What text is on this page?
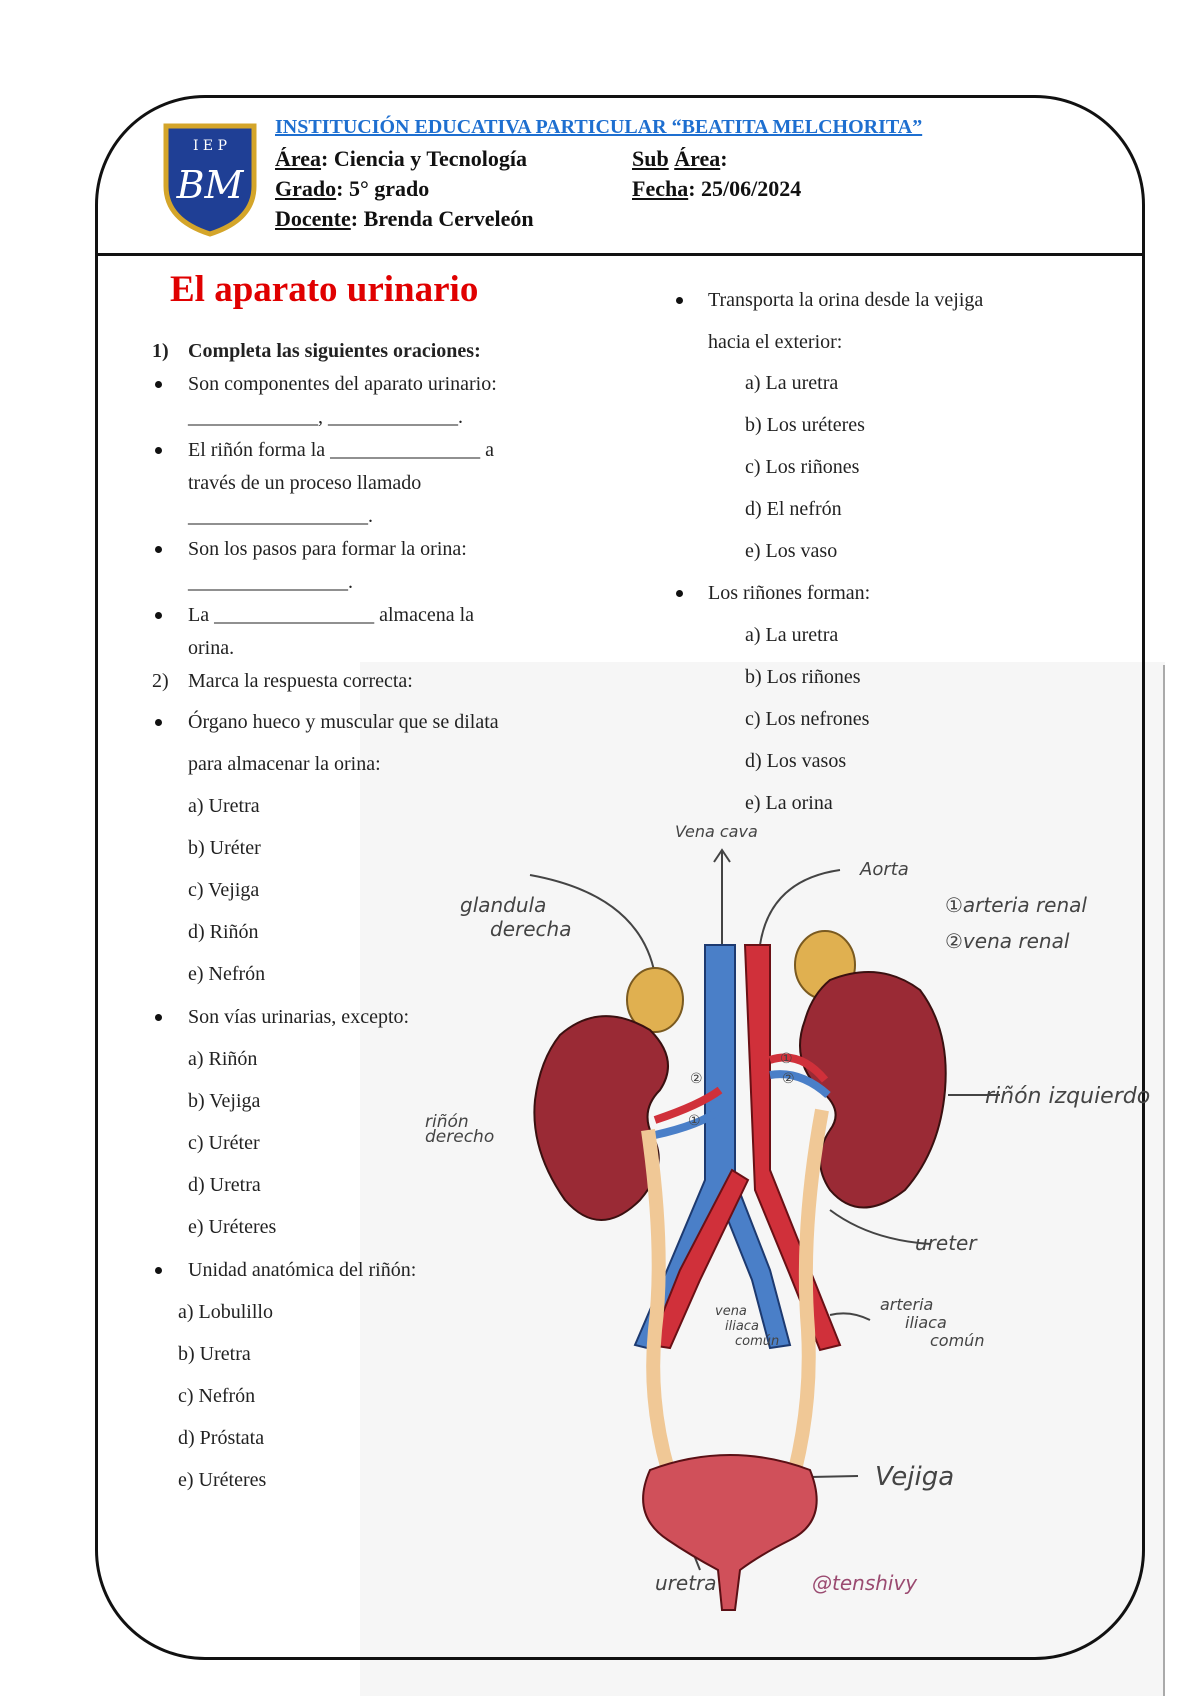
I E P
BM
INSTITUCIÓN EDUCATIVA PARTICULAR “BEATITA MELCHORITA”
Área: Ciencia y Tecnología	Sub Área:
Grado: 5° grado	Fecha: 25/06/2024
Docente: Brenda Cerveleón
El aparato urinario
1) Completa las siguientes oraciones:
Son componentes del aparato urinario:
_____________, _____________.
El riñón forma la _______________ a
través de un proceso llamado
__________________.
Son los pasos para formar la orina:
________________.
La ________________ almacena la
orina.
2) Marca la respuesta correcta:
Órgano hueco y muscular que se dilata
para almacenar la orina:
a) Uretra
b) Uréter
c) Vejiga
d) Riñón
e) Nefrón
Son vías urinarias, excepto:
a) Riñón
b) Vejiga
c) Uréter
d) Uretra
e) Uréteres
Unidad anatómica del riñón:
a) Lobulillo
b) Uretra
c) Nefrón
d) Próstata
e) Uréteres
Transporta la orina desde la vejiga
hacia el exterior:
a) La uretra
b) Los uréteres
c) Los riñones
d) El nefrón
e) Los vaso
Los riñones forman:
a) La uretra
b) Los riñones
c) Los nefrones
d) Los vasos
e) La orina
②
①
①
②
Vena cava
Aorta
glandula
derecha
①arteria renal
②vena renal
riñón izquierdo
riñón
derecho
ureter
vena
iliaca
común
arteria
iliaca
común
Vejiga
uretra	@tenshivy
